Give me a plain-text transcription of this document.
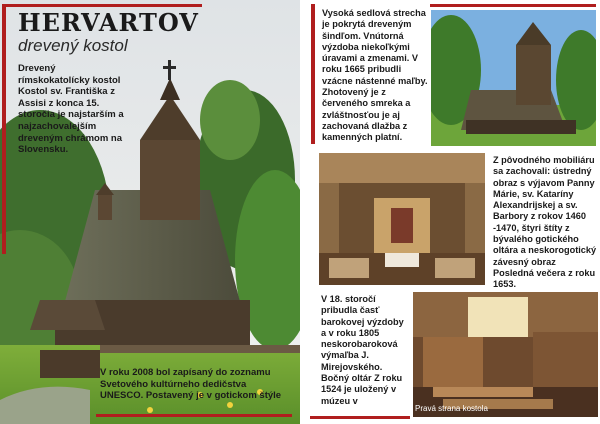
HERVARTOV

drevený kostol

Drevený rímskokatolícky kostol Kostol sv. Františka z Assisi z konca 15. storočia je najstarším a najzachovalejším dreveným chrámom na Slovensku.

V roku 2008 bol zapísaný do zoznamu Svetového kultúrneho dedičstva UNESCO. Postavený je v gotickom štýle

Vysoká sedlová strecha je pokrytá dreveným šindľom. Vnútorná výzdoba niekoľkými úravami a zmenami. V roku 1665 pribudli vzácne nástenné maľby. Zhotovený je z červeného smreka a zvláštnosťou je aj zachovaná dlažba z kamenných platní.

Z pôvodného mobiliáru sa zachovali: ústredný obraz s výjavom Panny Márie, sv. Kataríny Alexandrijskej a sv. Barbory z rokov 1460 -1470, štyri štíty z bývalého gotického oltára a neskorogotický závesný obraz Posledná večera z roku 1653.

V 18. storočí pribudla časť barokovej výzdoby a v roku 1805 neskorobaroková výmaľba J. Mirejovského. Bočný oltár Z roku 1524 je uložený v múzeu v

Pravá strana kostola
